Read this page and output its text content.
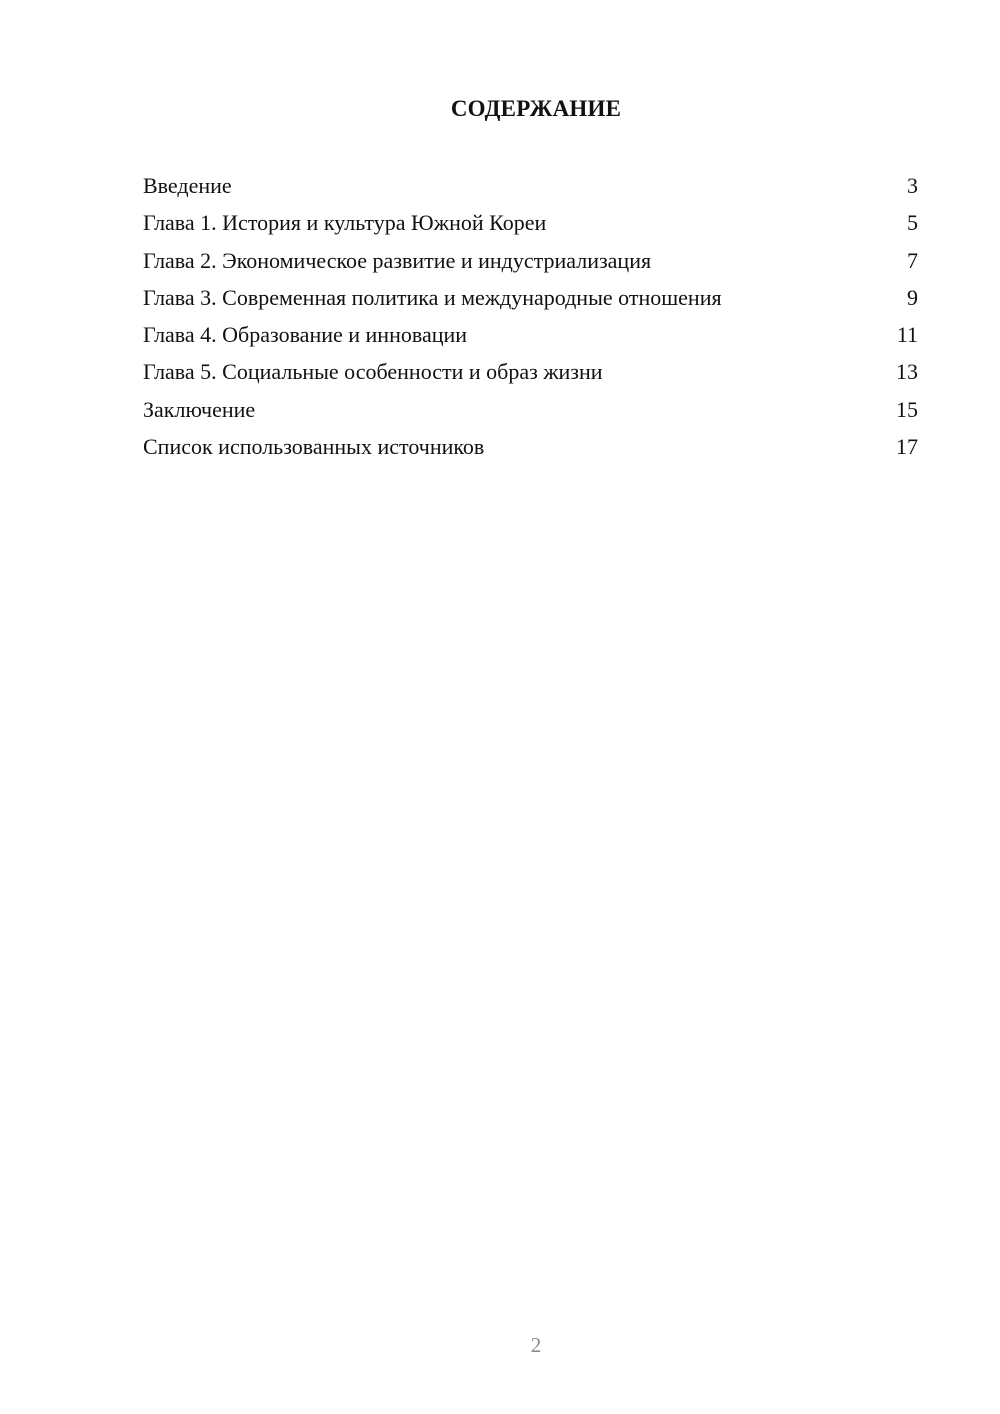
СОДЕРЖАНИЕ
Введение	3
Глава 1. История и культура Южной Кореи	5
Глава 2. Экономическое развитие и индустриализация	7
Глава 3. Современная политика и международные отношения	9
Глава 4. Образование и инновации	11
Глава 5. Социальные особенности и образ жизни	13
Заключение	15
Список использованных источников	17
2
